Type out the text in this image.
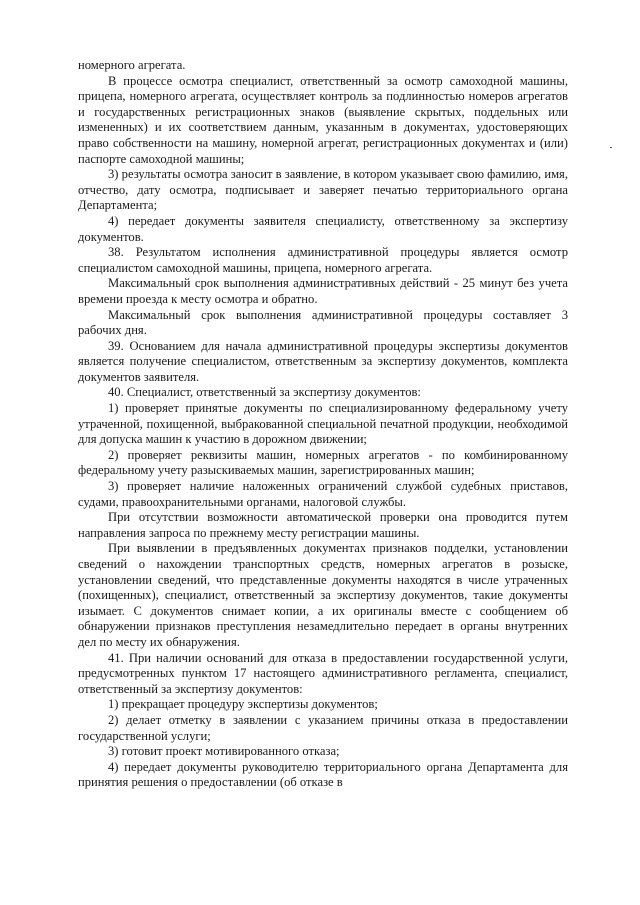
номерного агрегата.

В процессе осмотра специалист, ответственный за осмотр самоходной машины, прицепа, номерного агрегата, осуществляет контроль за подлинностью номеров агрегатов и государственных регистрационных знаков (выявление скрытых, поддельных или измененных) и их соответствием данным, указанным в документах, удостоверяющих право собственности на машину, номерной агрегат, регистрационных документах и (или) паспорте самоходной машины;

3) результаты осмотра заносит в заявление, в котором указывает свою фамилию, имя, отчество, дату осмотра, подписывает и заверяет печатью территориального органа Департамента;

4) передает документы заявителя специалисту, ответственному за экспертизу документов.

38. Результатом исполнения административной процедуры является осмотр специалистом самоходной машины, прицепа, номерного агрегата.

Максимальный срок выполнения административных действий - 25 минут без учета времени проезда к месту осмотра и обратно.

Максимальный срок выполнения административной процедуры составляет 3 рабочих дня.

39. Основанием для начала административной процедуры экспертизы документов является получение специалистом, ответственным за экспертизу документов, комплекта документов заявителя.

40. Специалист, ответственный за экспертизу документов:

1) проверяет принятые документы по специализированному федеральному учету утраченной, похищенной, выбракованной специальной печатной продукции, необходимой для допуска машин к участию в дорожном движении;

2) проверяет реквизиты машин, номерных агрегатов - по комбинированному федеральному учету разыскиваемых машин, зарегистрированных машин;

3) проверяет наличие наложенных ограничений службой судебных приставов, судами, правоохранительными органами, налоговой службы.

При отсутствии возможности автоматической проверки она проводится путем направления запроса по прежнему месту регистрации машины.

При выявлении в предъявленных документах признаков подделки, установлении сведений о нахождении транспортных средств, номерных агрегатов в розыске, установлении сведений, что представленные документы находятся в числе утраченных (похищенных), специалист, ответственный за экспертизу документов, такие документы изымает. С документов снимает копии, а их оригиналы вместе с сообщением об обнаружении признаков преступления незамедлительно передает в органы внутренних дел по месту их обнаружения.

41. При наличии оснований для отказа в предоставлении государственной услуги, предусмотренных пунктом 17 настоящего административного регламента, специалист, ответственный за экспертизу документов:

1) прекращает процедуру экспертизы документов;

2) делает отметку в заявлении с указанием причины отказа в предоставлении государственной услуги;

3) готовит проект мотивированного отказа;

4) передает документы руководителю территориального органа Департамента для принятия решения о предоставлении (об отказе в
